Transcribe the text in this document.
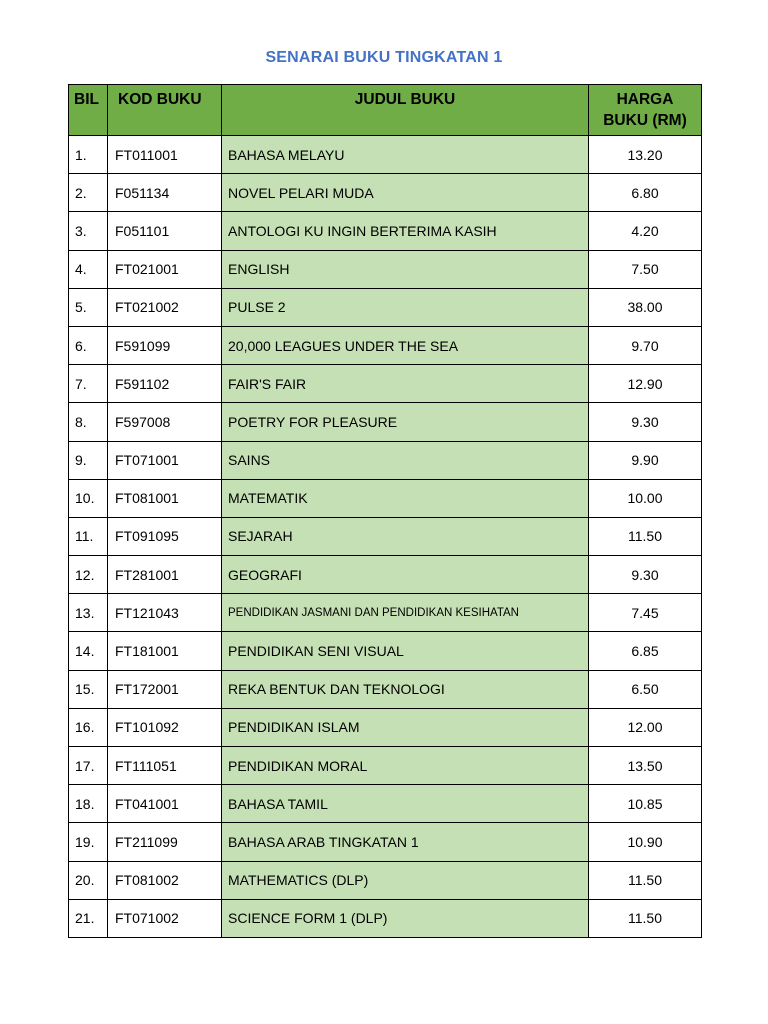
SENARAI BUKU TINGKATAN 1
BIL	KOD BUKU	JUDUL BUKU	HARGA
BUKU (RM)
1.	FT011001	BAHASA MELAYU	13.20
2.	F051134	NOVEL PELARI MUDA	6.80
3.	F051101	ANTOLOGI KU INGIN BERTERIMA KASIH	4.20
4.	FT021001	ENGLISH	7.50
5.	FT021002	PULSE 2	38.00
6.	F591099	20,000 LEAGUES UNDER THE SEA	9.70
7.	F591102	FAIR'S FAIR	12.90
8.	F597008	POETRY FOR PLEASURE	9.30
9.	FT071001	SAINS	9.90
10.	FT081001	MATEMATIK	10.00
11.	FT091095	SEJARAH	11.50
12.	FT281001	GEOGRAFI	9.30
13.	FT121043	PENDIDIKAN JASMANI DAN PENDIDIKAN KESIHATAN	7.45
14.	FT181001	PENDIDIKAN SENI VISUAL	6.85
15.	FT172001	REKA BENTUK DAN TEKNOLOGI	6.50
16.	FT101092	PENDIDIKAN ISLAM	12.00
17.	FT111051	PENDIDIKAN MORAL	13.50
18.	FT041001	BAHASA TAMIL	10.85
19.	FT211099	BAHASA ARAB TINGKATAN 1	10.90
20.	FT081002	MATHEMATICS (DLP)	11.50
21.	FT071002	SCIENCE FORM 1 (DLP)	11.50
